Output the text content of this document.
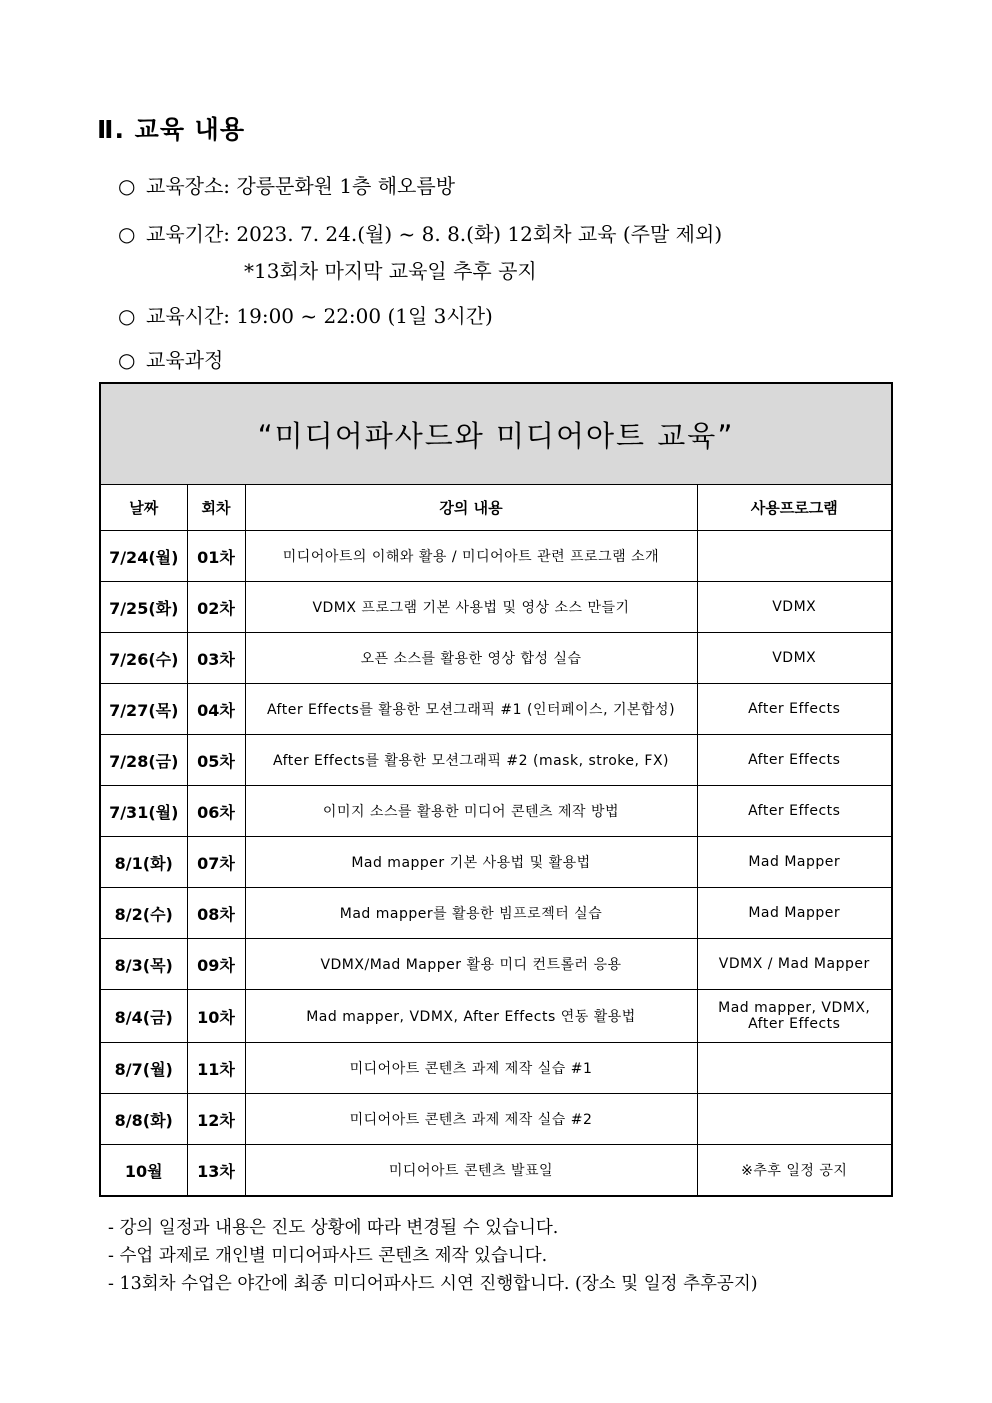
Ⅱ. 교육 내용
○ 교육장소: 강릉문화원 1층 해오름방
○ 교육기간: 2023. 7. 24.(월) ~ 8. 8.(화) 12회차 교육 (주말 제외)
*13회차 마지막 교육일 추후 공지
○ 교육시간: 19:00 ~ 22:00 (1일 3시간)
○ 교육과정
“미디어파사드와 미디어아트 교육”			
날짜	회차	강의 내용	사용프로그램
7/24(월)	01차	미디어아트의 이해와 활용 / 미디어아트 관련 프로그램 소개	
7/25(화)	02차	VDMX 프로그램 기본 사용법 및 영상 소스 만들기	VDMX
7/26(수)	03차	오픈 소스를 활용한 영상 합성 실습	VDMX
7/27(목)	04차	After Effects를 활용한 모션그래픽 #1 (인터페이스, 기본합성)	After Effects
7/28(금)	05차	After Effects를 활용한 모션그래픽 #2 (mask, stroke, FX)	After Effects
7/31(월)	06차	이미지 소스를 활용한 미디어 콘텐츠 제작 방법	After Effects
8/1(화)	07차	Mad mapper 기본 사용법 및 활용법	Mad Mapper
8/2(수)	08차	Mad mapper를 활용한 빔프로젝터 실습	Mad Mapper
8/3(목)	09차	VDMX/Mad Mapper 활용 미디 컨트롤러 응용	VDMX / Mad Mapper
8/4(금)	10차	Mad mapper, VDMX, After Effects 연동 활용법	Mad mapper, VDMX,
After Effects
8/7(월)	11차	미디어아트 콘텐츠 과제 제작 실습 #1	
8/8(화)	12차	미디어아트 콘텐츠 과제 제작 실습 #2	
10월	13차	미디어아트 콘텐츠 발표일	※추후 일정 공지
- 강의 일정과 내용은 진도 상황에 따라 변경될 수 있습니다.
- 수업 과제로 개인별 미디어파사드 콘텐츠 제작 있습니다.
- 13회차 수업은 야간에 최종 미디어파사드 시연 진행합니다. (장소 및 일정 추후공지)
